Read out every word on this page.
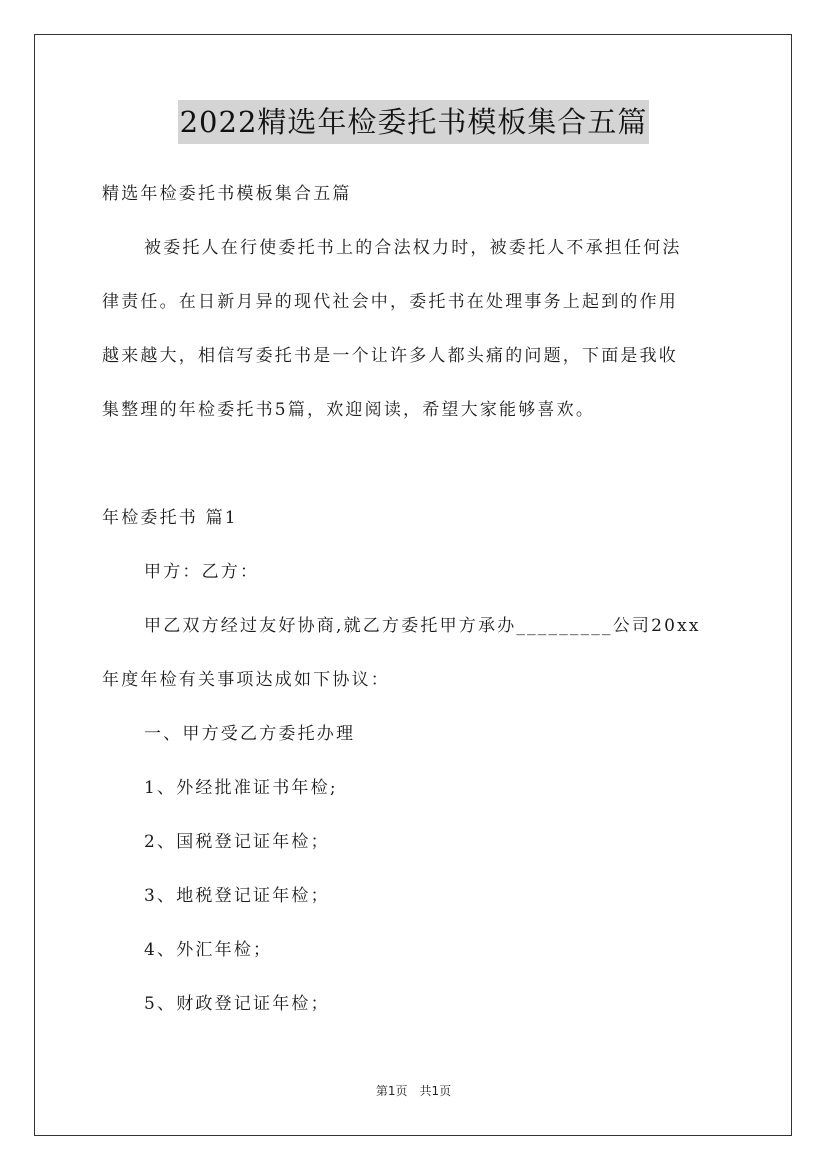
2022精选年检委托书模板集合五篇
精选年检委托书模板集合五篇
被委托人在行使委托书上的合法权力时，被委托人不承担任何法
律责任。在日新月异的现代社会中，委托书在处理事务上起到的作用
越来越大，相信写委托书是一个让许多人都头痛的问题，下面是我收
集整理的年检委托书5篇，欢迎阅读，希望大家能够喜欢。
年检委托书 篇1
甲方：乙方：
甲乙双方经过友好协商,就乙方委托甲方承办_________公司20xx
年度年检有关事项达成如下协议：
一、甲方受乙方委托办理
1、外经批准证书年检;
2、国税登记证年检；
3、地税登记证年检；
4、外汇年检；
5、财政登记证年检；
第1页 共1页
